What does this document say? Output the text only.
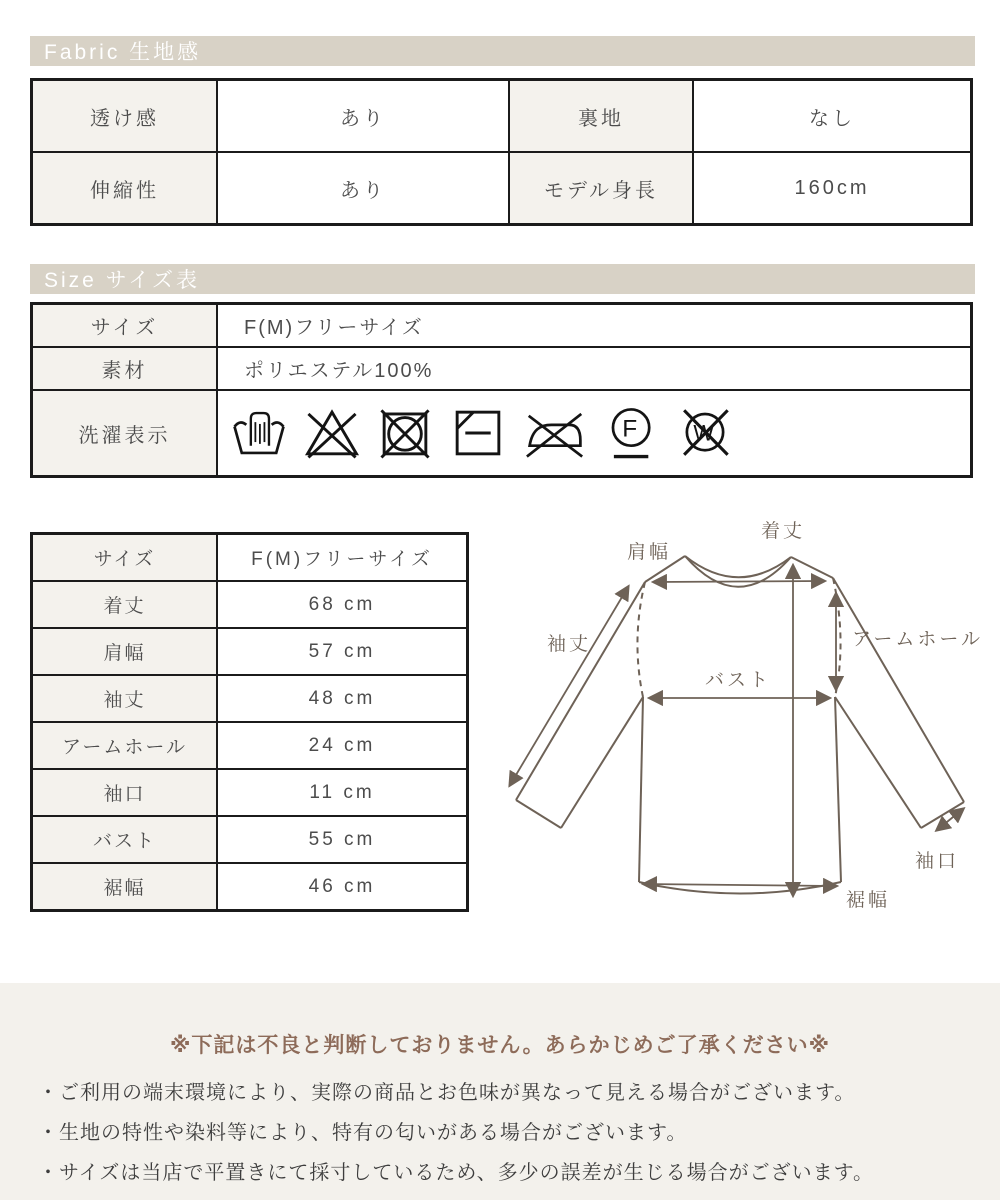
Fabric 生地感
透け感	あり	裏地	なし
伸縮性	あり	モデル身長	160cm
Size サイズ表
サイズ	F(M)フリーサイズ
素材	ポリエステル100%
洗濯表示	F W
サイズ	F(M)フリーサイズ
着丈	68 cm
肩幅	57 cm
袖丈	48 cm
アームホール	24 cm
袖口	11 cm
バスト	55 cm
裾幅	46 cm
着丈
肩幅
袖丈	アームホール
バスト
袖口
裾幅
※下記は不良と判断しておりません。あらかじめご了承ください※
・ご利用の端末環境により、実際の商品とお色味が異なって見える場合がございます。
・生地の特性や染料等により、特有の匂いがある場合がございます。
・サイズは当店で平置きにて採寸しているため、多少の誤差が生じる場合がございます。
